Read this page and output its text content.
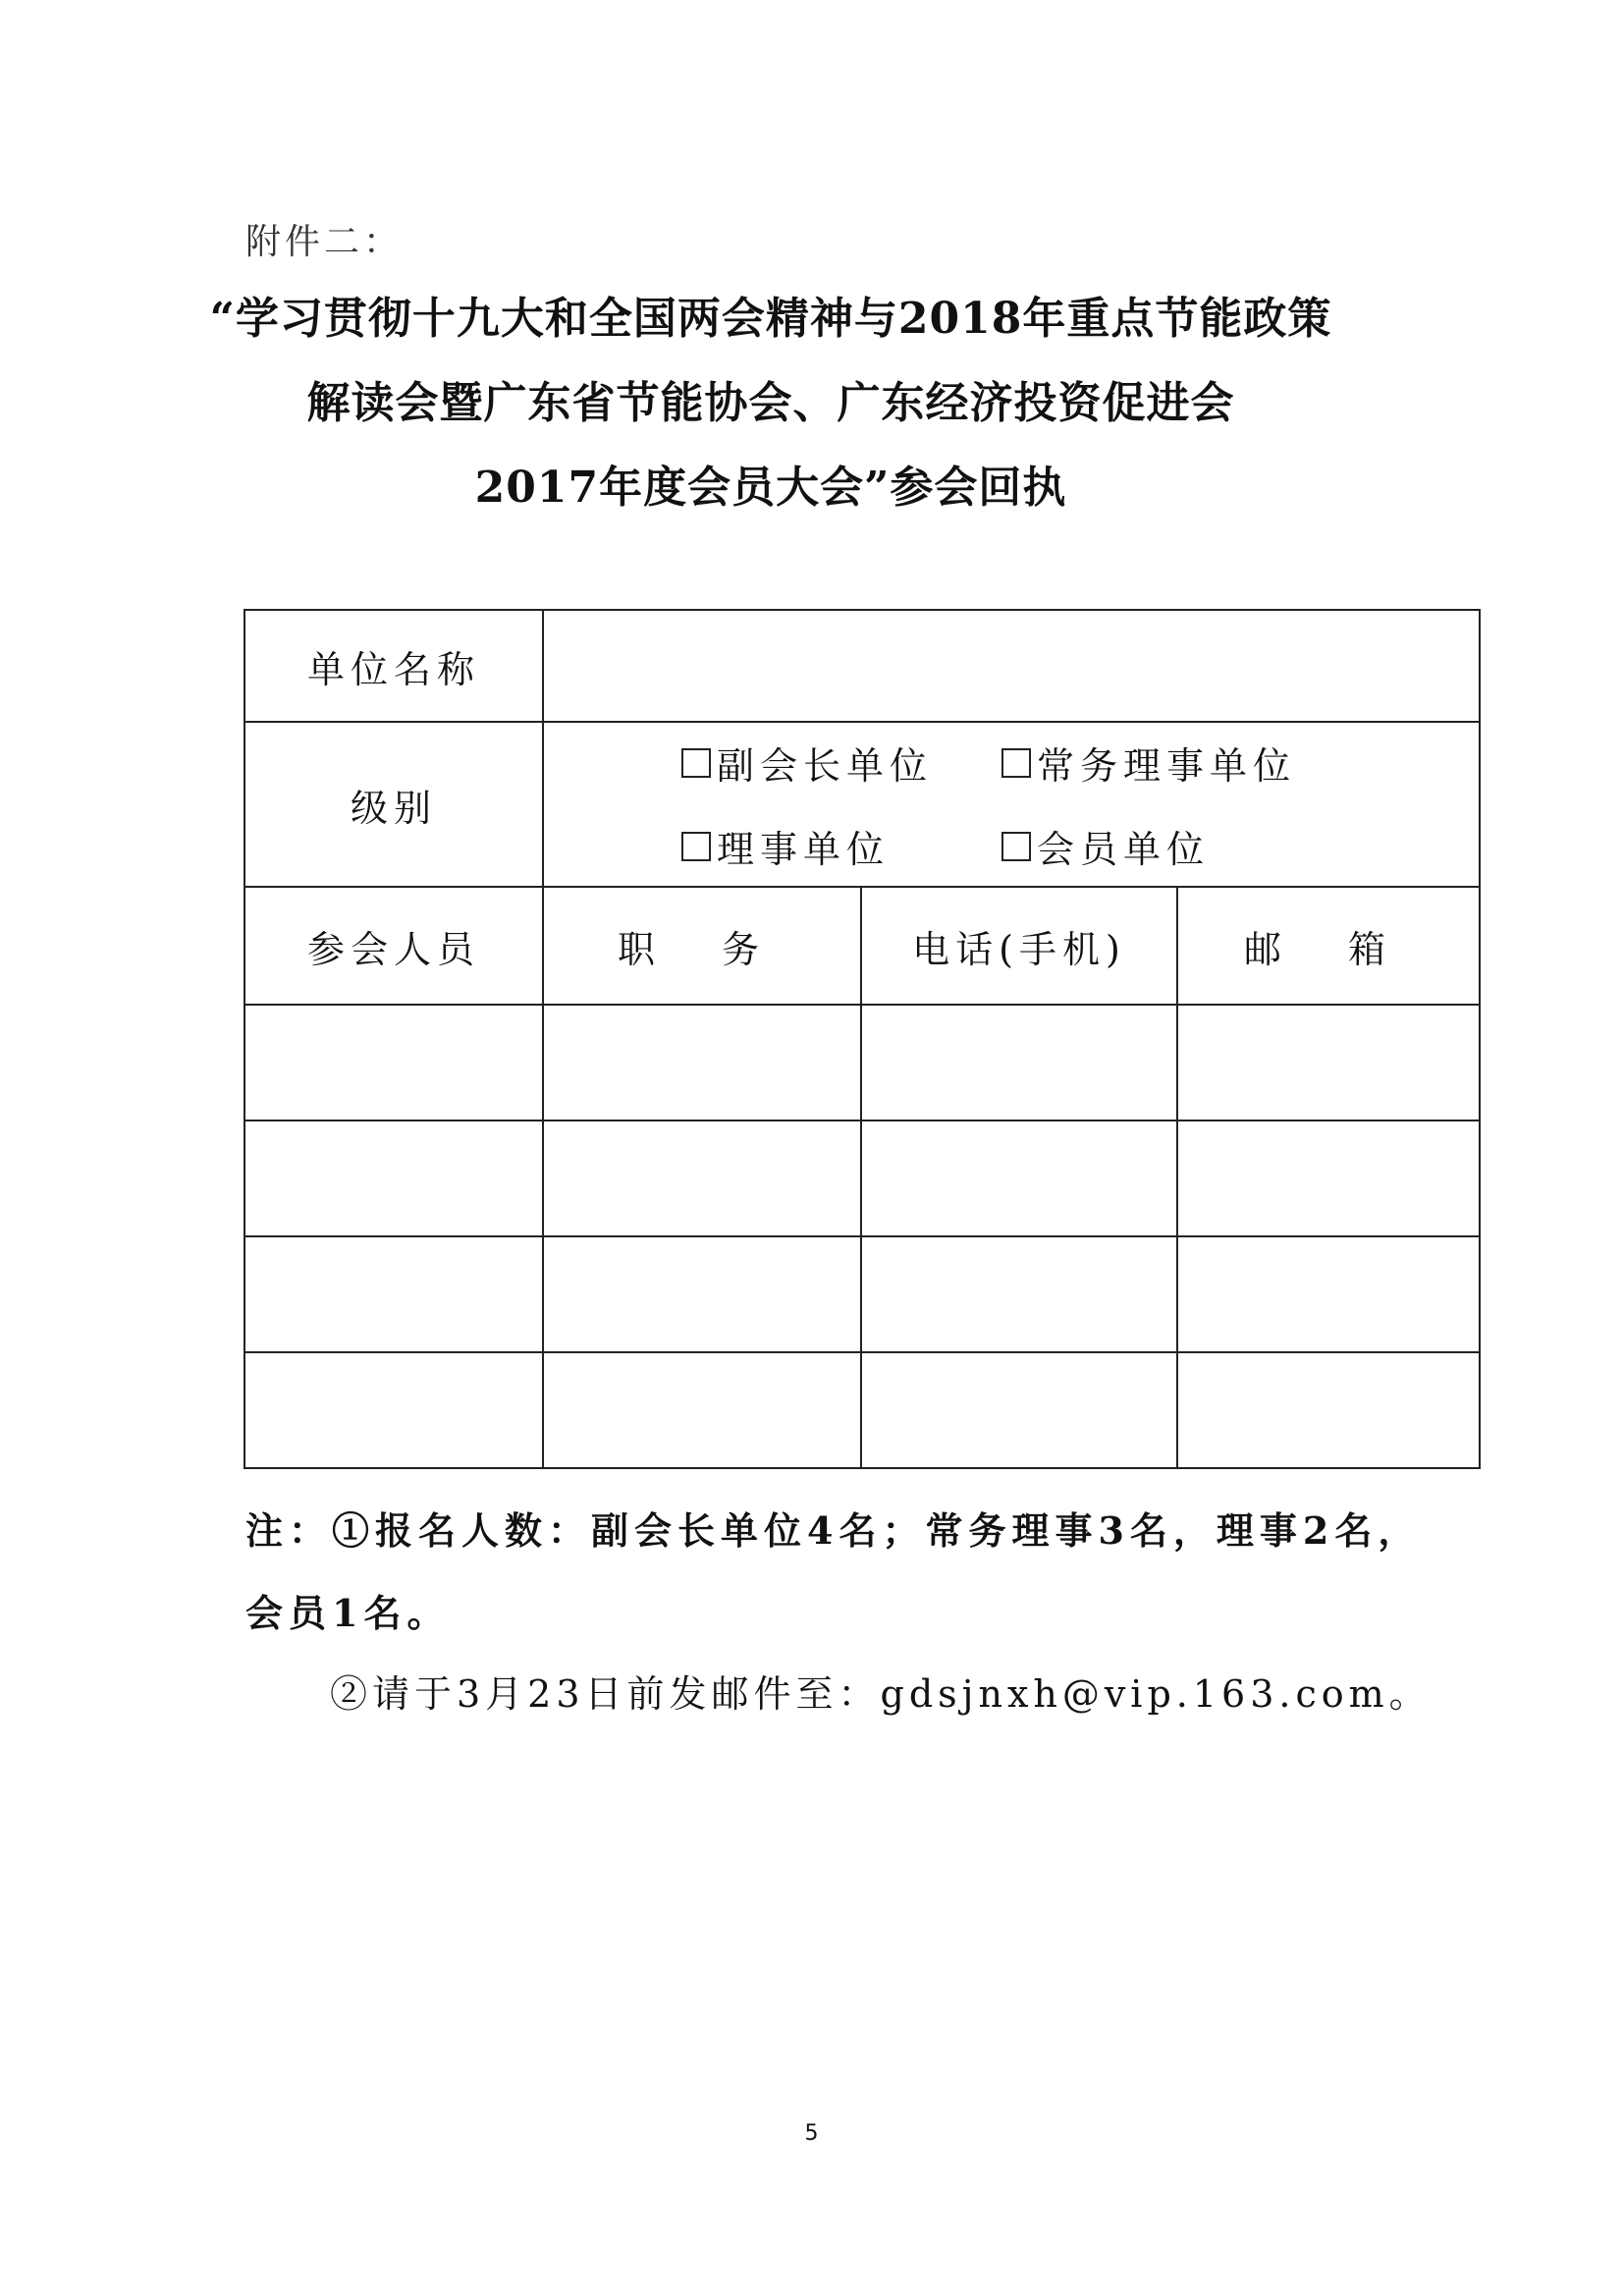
附件二：
“学习贯彻十九大和全国两会精神与2018年重点节能政策
解读会暨广东省节能协会、广东经济投资促进会
2017年度会员大会”参会回执
单位名称			
级别	副会长单位 常务理事单位
理事单位 会员单位		

参会人员	职 务	电话(手机)	邮 箱

注：①报名人数：副会长单位4名；常务理事3名，理事2名，
会员1名。
②请于3月23日前发邮件至：gdsjnxh@vip.163.com。
5
